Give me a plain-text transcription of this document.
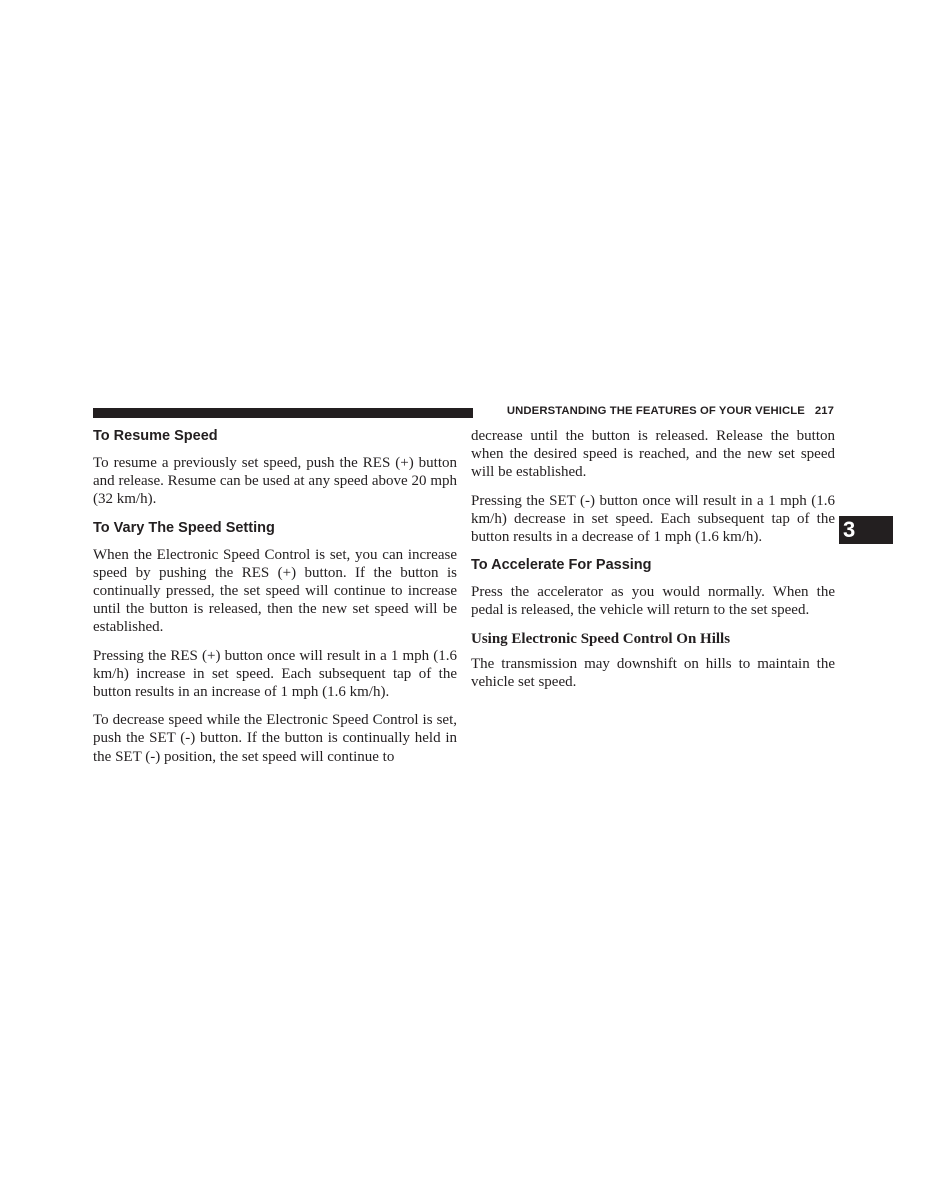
UNDERSTANDING THE FEATURES OF YOUR VEHICLE 217
3
To Resume Speed

To resume a previously set speed, push the RES (+) button and release. Resume can be used at any speed above 20 mph (32 km/h).

To Vary The Speed Setting

When the Electronic Speed Control is set, you can increase speed by pushing the RES (+) button. If the button is continually pressed, the set speed will continue to increase until the button is released, then the new set speed will be established.

Pressing the RES (+) button once will result in a 1 mph (1.6 km/h) increase in set speed. Each subsequent tap of the button results in an increase of 1 mph (1.6 km/h).

To decrease speed while the Electronic Speed Control is set, push the SET (-) button. If the button is continually held in the SET (-) position, the set speed will continue to

decrease until the button is released. Release the button when the desired speed is reached, and the new set speed will be established.

Pressing the SET (-) button once will result in a 1 mph (1.6 km/h) decrease in set speed. Each subsequent tap of the button results in a decrease of 1 mph (1.6 km/h).

To Accelerate For Passing

Press the accelerator as you would normally. When the pedal is released, the vehicle will return to the set speed.

Using Electronic Speed Control On Hills

The transmission may downshift on hills to maintain the vehicle set speed.
